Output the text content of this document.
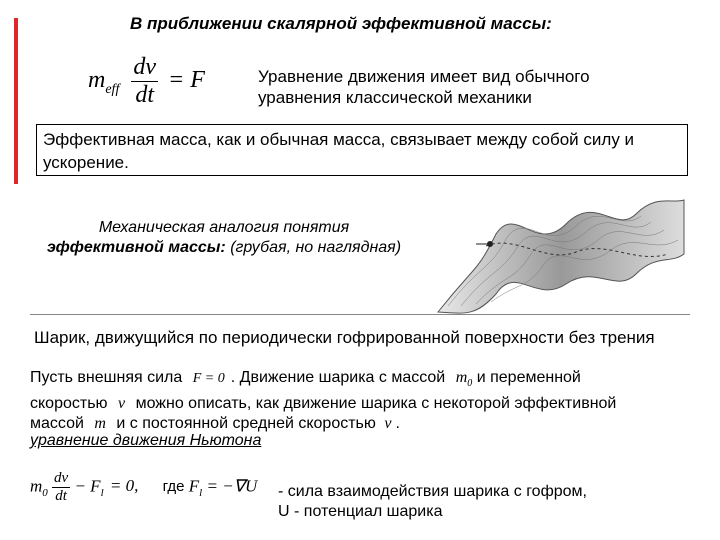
В приближении скалярной эффективной массы:
$m_{eff} \frac{dv}{dt} = F$	Уравнение движения имеет вид обычного уравнения классической механики
Эффективная масса, как и обычная масса, связывает между собой силу и ускорение.
Механическая аналогия понятия
эффективной массы: (грубая, но наглядная)
Шарик, движущийся по периодически гофрированной поверхности без трения
Пусть внешняя сила F = 0 . Движение шарика с массой $m_0$ и переменной
скоростью v можно описать, как движение шарика с некоторой эффективной
массой m и с постоянной средней скоростью v .
уравнение движения Ньютона
$m_0 \frac{dv}{dt} - F_l = 0$, где $F_l = -\nabla U$ - сила взаимодействия шарика с гофром,
U - потенциал шарика
